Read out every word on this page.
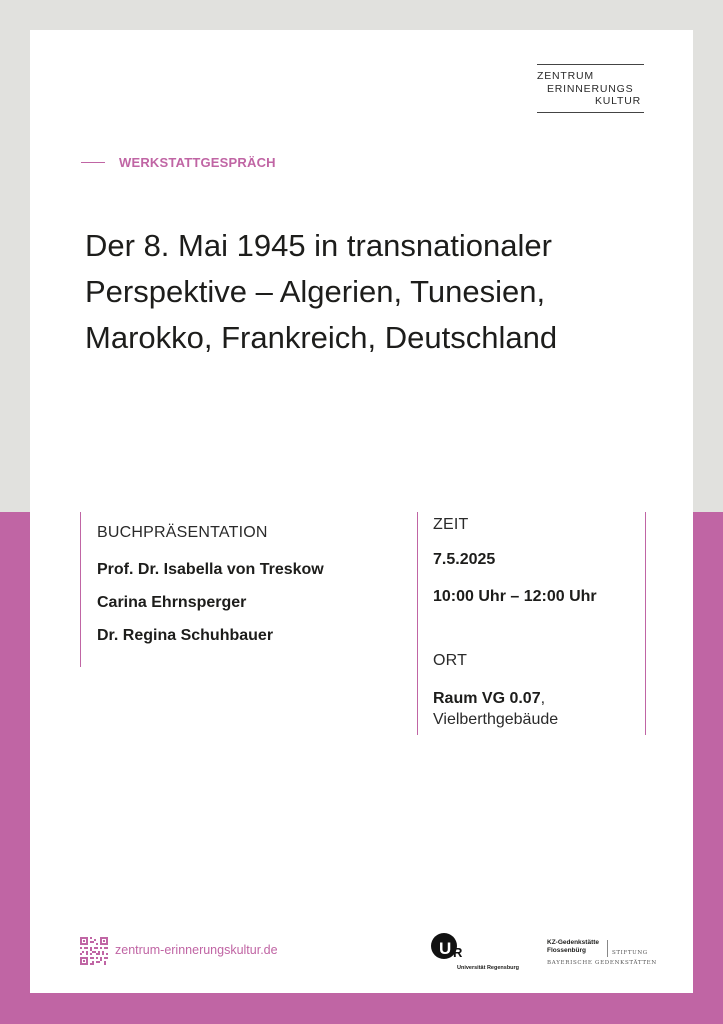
ZENTRUM
ERINNERUNGS
KULTUR
WERKSTATTGESPRÄCH
Der 8. Mai 1945 in transnationaler
Perspektive – Algerien, Tunesien,
Marokko, Frankreich, Deutschland
BUCHPRÄSENTATION
Prof. Dr. Isabella von Treskow
Carina Ehrnsperger
Dr. Regina Schuhbauer
ZEIT
7.5.2025
10:00 Uhr – 12:00 Uhr
ORT
Raum VG 0.07,
Vielberthgebäude
zentrum-erinnerungskultur.de	U R
Universität Regensburg
KZ-Gedenkstätte
Flossenbürg	STIFTUNG
BAYERISCHE GEDENKSTÄTTEN
